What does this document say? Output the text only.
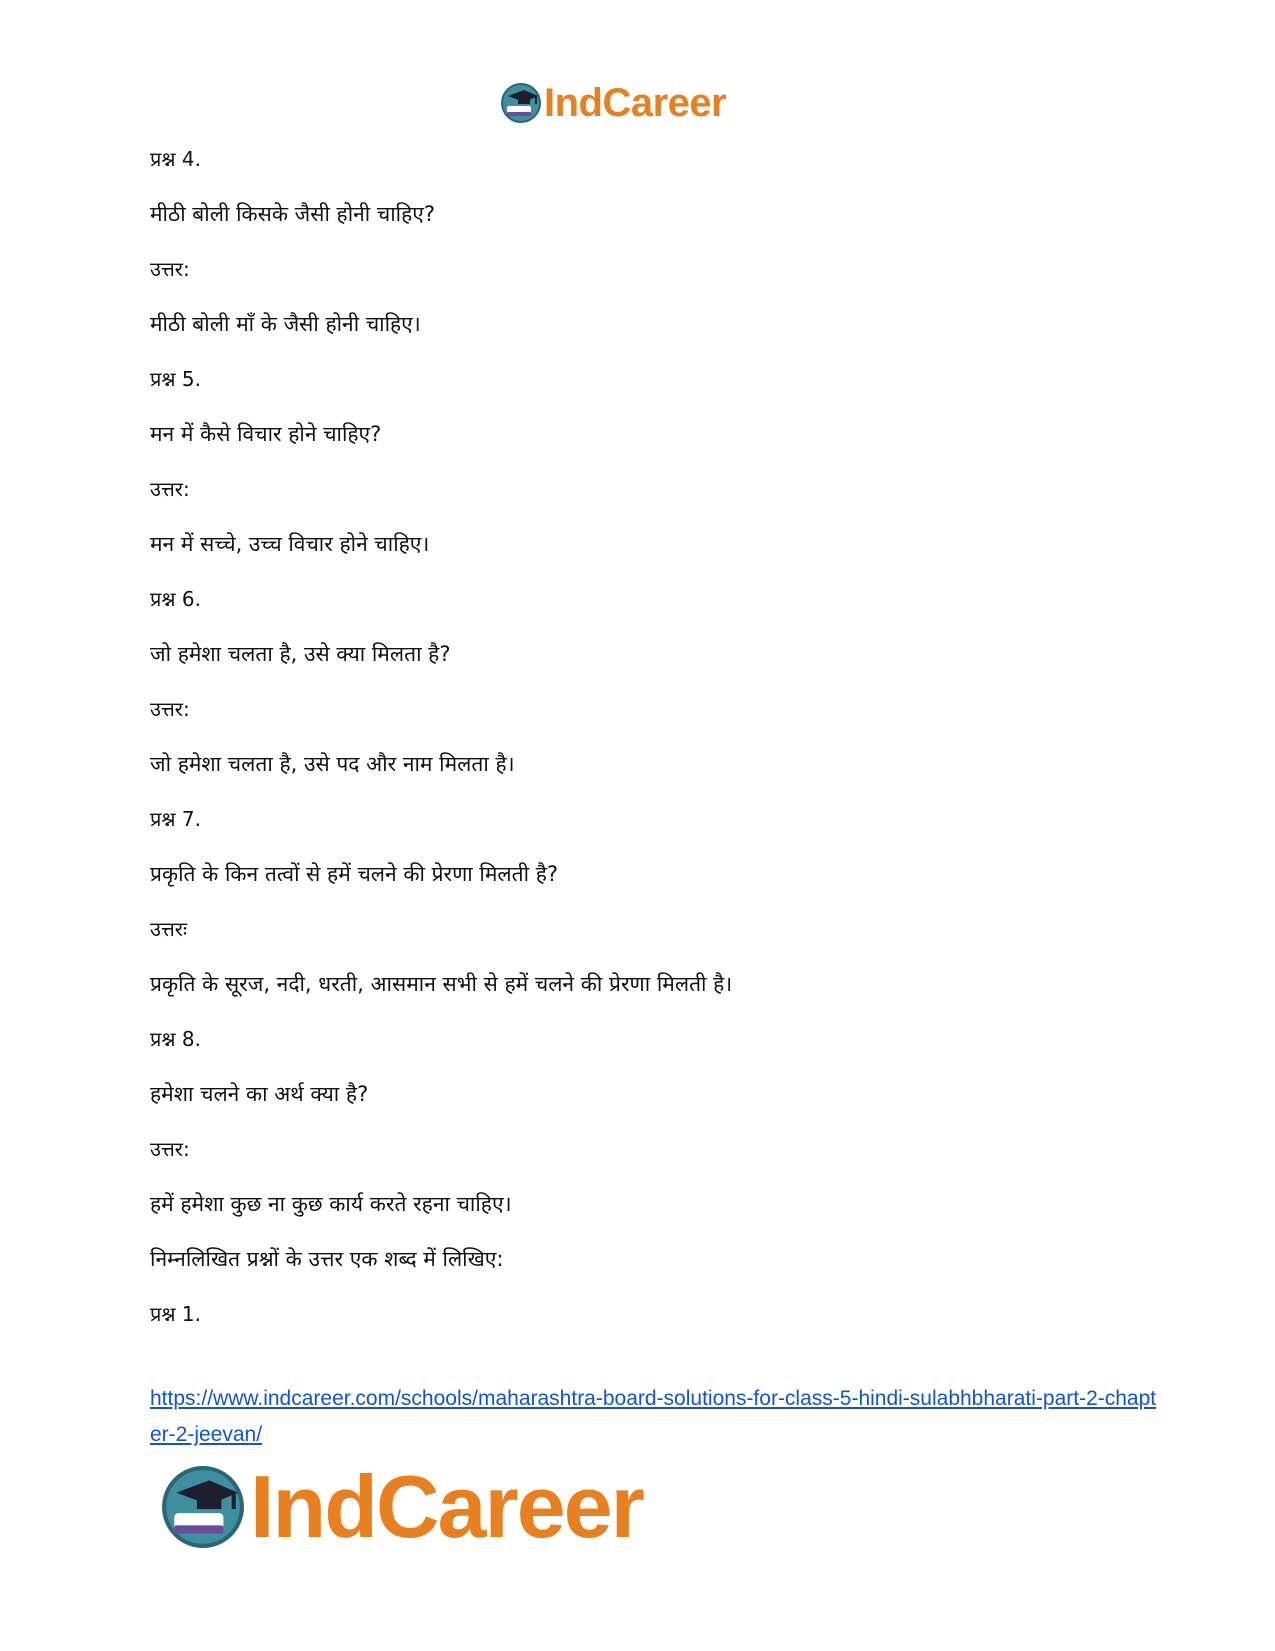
IndCareer
प्रश्न 4.
मीठी बोली किसके जैसी होनी चाहिए?
उत्तर:
मीठी बोली माँ के जैसी होनी चाहिए।
प्रश्न 5.
मन में कैसे विचार होने चाहिए?
उत्तर:
मन में सच्चे, उच्च विचार होने चाहिए।
प्रश्न 6.
जो हमेशा चलता है, उसे क्या मिलता है?
उत्तर:
जो हमेशा चलता है, उसे पद और नाम मिलता है।
प्रश्न 7.
प्रकृति के किन तत्वों से हमें चलने की प्रेरणा मिलती है?
उत्तरः
प्रकृति के सूरज, नदी, धरती, आसमान सभी से हमें चलने की प्रेरणा मिलती है।
प्रश्न 8.
हमेशा चलने का अर्थ क्या है?
उत्तर:
हमें हमेशा कुछ ना कुछ कार्य करते रहना चाहिए।
निम्नलिखित प्रश्नों के उत्तर एक शब्द में लिखिए:
प्रश्न 1.
https://www.indcareer.com/schools/maharashtra-board-solutions-for-class-5-hindi-sulabhbharati-part-2-chapter-2-jeevan/
IndCareer
